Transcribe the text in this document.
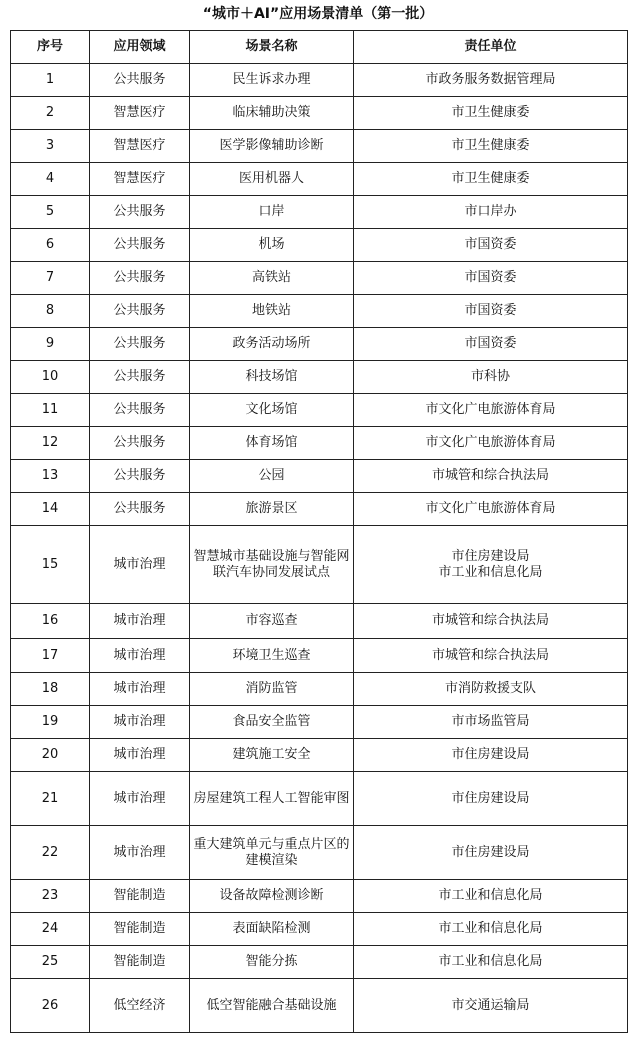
“城市＋AI”应用场景清单（第一批）
序号	应用领域	场景名称	责任单位
1	公共服务	民生诉求办理	市政务服务数据管理局
2	智慧医疗	临床辅助决策	市卫生健康委
3	智慧医疗	医学影像辅助诊断	市卫生健康委
4	智慧医疗	医用机器人	市卫生健康委
5	公共服务	口岸	市口岸办
6	公共服务	机场	市国资委
7	公共服务	高铁站	市国资委
8	公共服务	地铁站	市国资委
9	公共服务	政务活动场所	市国资委
10	公共服务	科技场馆	市科协
11	公共服务	文化场馆	市文化广电旅游体育局
12	公共服务	体育场馆	市文化广电旅游体育局
13	公共服务	公园	市城管和综合执法局
14	公共服务	旅游景区	市文化广电旅游体育局
15	城市治理	智慧城市基础设施与智能网联汽车协同发展试点	市住房建设局
市工业和信息化局
16	城市治理	市容巡查	市城管和综合执法局
17	城市治理	环境卫生巡查	市城管和综合执法局
18	城市治理	消防监管	市消防救援支队
19	城市治理	食品安全监管	市市场监管局
20	城市治理	建筑施工安全	市住房建设局
21	城市治理	房屋建筑工程人工智能审图	市住房建设局
22	城市治理	重大建筑单元与重点片区的建模渲染	市住房建设局
23	智能制造	设备故障检测诊断	市工业和信息化局
24	智能制造	表面缺陷检测	市工业和信息化局
25	智能制造	智能分拣	市工业和信息化局
26	低空经济	低空智能融合基础设施	市交通运输局
